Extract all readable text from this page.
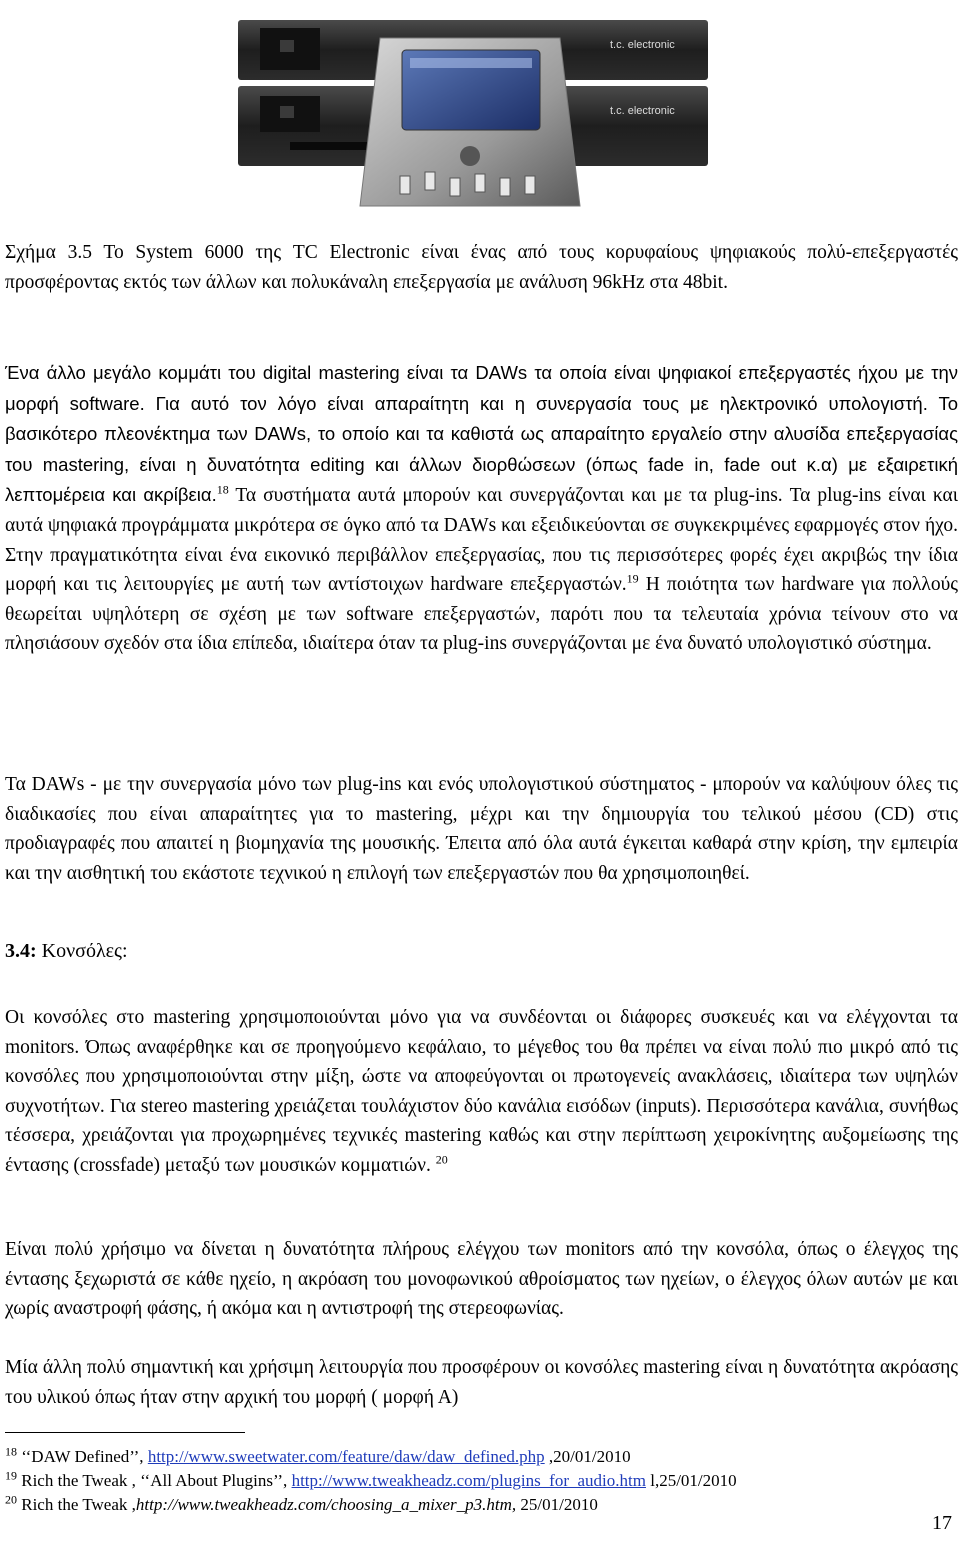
t.c. electronic
t.c. electronic

Σχήμα 3.5 Το System 6000 της TC Electronic είναι ένας από τους κορυφαίους ψηφιακούς πολύ-επεξεργαστές προσφέροντας εκτός των άλλων και πολυκάναλη επεξεργασία με ανάλυση 96kHz στα 48bit.

Ένα άλλο μεγάλο κομμάτι του digital mastering είναι τα DAWs τα οποία είναι ψηφιακοί επεξεργαστές ήχου με την μορφή software. Για αυτό τον λόγο είναι απαραίτητη και η συνεργασία τους με ηλεκτρονικό υπολογιστή. Το βασικότερο πλεονέκτημα των DAWs, το οποίο και τα καθιστά ως απαραίτητο εργαλείο στην αλυσίδα επεξεργασίας του mastering, είναι η δυνατότητα editing και άλλων διορθώσεων (όπως fade in, fade out κ.α) με εξαιρετική λεπτομέρεια και ακρίβεια.$^{18}$ Τα συστήματα αυτά μπορούν και συνεργάζονται και με τα plug-ins. Τα plug-ins είναι και αυτά ψηφιακά προγράμματα μικρότερα σε όγκο από τα DAWs και εξειδικεύονται σε συγκεκριμένες εφαρμογές στον ήχο. Στην πραγματικότητα είναι ένα εικονικό περιβάλλον επεξεργασίας, που τις περισσότερες φορές έχει ακριβώς την ίδια μορφή και τις λειτουργίες με αυτή των αντίστοιχων hardware επεξεργαστών.$^{19}$ Η ποιότητα των hardware για πολλούς θεωρείται υψηλότερη σε σχέση με των software επεξεργαστών, παρότι που τα τελευταία χρόνια τείνουν στο να πλησιάσουν σχεδόν στα ίδια επίπεδα, ιδιαίτερα όταν τα plug-ins συνεργάζονται με ένα δυνατό υπολογιστικό σύστημα.

Τα DAWs - με την συνεργασία μόνο των plug-ins και ενός υπολογιστικού σύστηματος - μπορούν να καλύψουν όλες τις διαδικασίες που είναι απαραίτητες για το mastering, μέχρι και την δημιουργία του τελικού μέσου (CD) στις προδιαγραφές που απαιτεί η βιομηχανία της μουσικής. Έπειτα από όλα αυτά έγκειται καθαρά στην κρίση, την εμπειρία και την αισθητική του εκάστοτε τεχνικού η επιλογή των επεξεργαστών που θα χρησιμοποιηθεί.

3.4: Κονσόλες:

Οι κονσόλες στο mastering χρησιμοποιούνται μόνο για να συνδέονται οι διάφορες συσκευές και να ελέγχονται τα monitors. Όπως αναφέρθηκε και σε προηγούμενο κεφάλαιο, το μέγεθος του θα πρέπει να είναι πολύ πιο μικρό από τις κονσόλες που χρησιμοποιούνται στην μίξη, ώστε να αποφεύγονται οι πρωτογενείς ανακλάσεις, ιδιαίτερα των υψηλών συχνοτήτων. Για stereo mastering χρειάζεται τουλάχιστον δύο κανάλια εισόδων (inputs). Περισσότερα κανάλια, συνήθως τέσσερα, χρειάζονται για προχωρημένες τεχνικές mastering καθώς και στην περίπτωση χειροκίνητης αυξομείωσης της έντασης (crossfade) μεταξύ των μουσικών κομματιών. $^{20}$

Είναι πολύ χρήσιμο να δίνεται η δυνατότητα πλήρους ελέγχου των monitors από την κονσόλα, όπως ο έλεγχος της έντασης ξεχωριστά σε κάθε ηχείο, η ακρόαση του μονοφωνικού αθροίσματος των ηχείων, ο έλεγχος όλων αυτών με και χωρίς αναστροφή φάσης, ή ακόμα και η αντιστροφή της στερεοφωνίας.

Μία άλλη πολύ σημαντική και χρήσιμη λειτουργία που προσφέρουν οι κονσόλες mastering είναι η δυνατότητα ακρόασης του υλικού όπως ήταν στην αρχική του μορφή ( μορφή Α)

$^{18}$ ‘‘DAW Defined’’, http://www.sweetwater.com/feature/daw/daw_defined.php ,20/01/2010
$^{19}$ Rich the Tweak , ‘‘All About Plugins’’, http://www.tweakheadz.com/plugins_for_audio.htm l,25/01/2010
$^{20}$ Rich the Tweak ,http://www.tweakheadz.com/choosing_a_mixer_p3.htm, 25/01/2010
17
